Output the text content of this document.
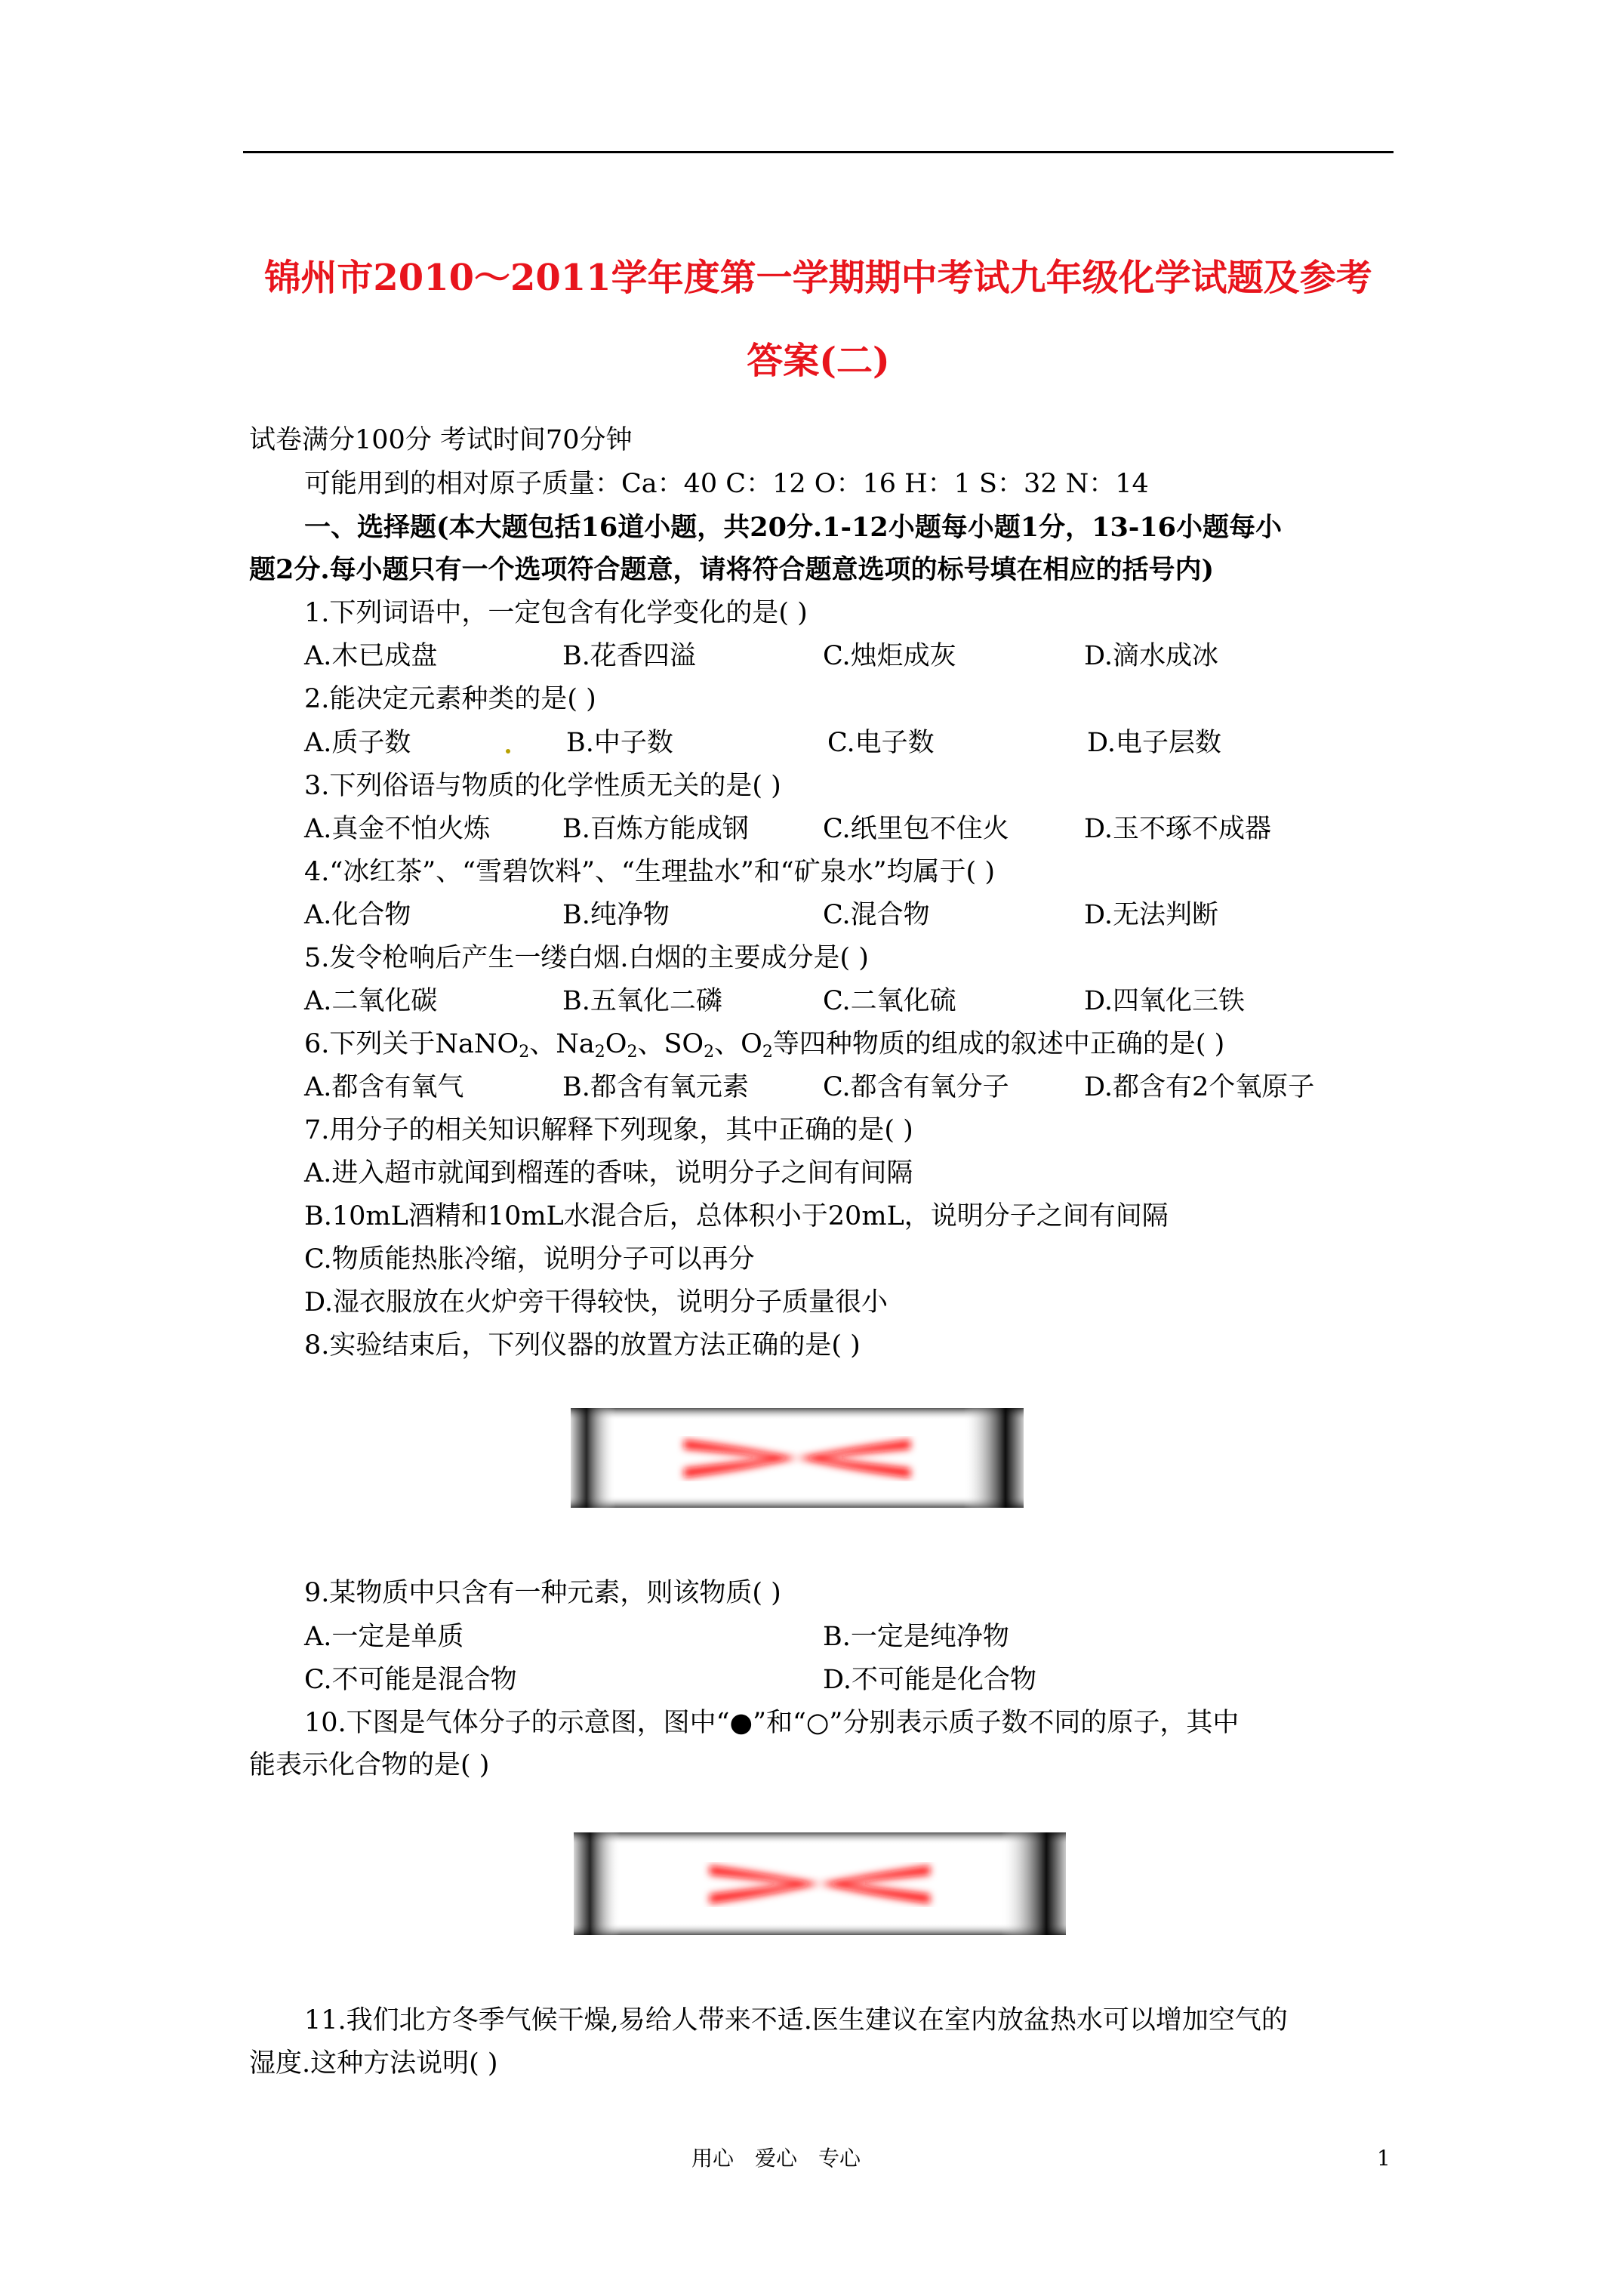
锦州市2010～2011学年度第一学期期中考试九年级化学试题及参考
答案(二)
试卷满分100分 考试时间70分钟
可能用到的相对原子质量：Ca：40 C：12 O：16 H：1 S：32 N：14
一、选择题(本大题包括16道小题，共20分.1-12小题每小题1分，13-16小题每小
题2分.每小题只有一个选项符合题意，请将符合题意选项的标号填在相应的括号内)
1.下列词语中，一定包含有化学变化的是( )
A.木已成盘	B.花香四溢	C.烛炬成灰	D.滴水成冰
2.能决定元素种类的是( )
A.质子数	B.中子数	C.电子数	D.电子层数
3.下列俗语与物质的化学性质无关的是( )
A.真金不怕火炼	B.百炼方能成钢	C.纸里包不住火	D.玉不琢不成器
4.“冰红茶”、“雪碧饮料”、“生理盐水”和“矿泉水”均属于( )
A.化合物	B.纯净物	C.混合物	D.无法判断
5.发令枪响后产生一缕白烟.白烟的主要成分是( )
A.二氧化碳	B.五氧化二磷	C.二氧化硫	D.四氧化三铁
6.下列关于NaNO$_2$、$Na_2O_2$、$SO_2$、$O_2$等四种物质的组成的叙述中正确的是( )
A.都含有氧气	B.都含有氧元素	C.都含有氧分子	D.都含有2个氧原子
7.用分子的相关知识解释下列现象，其中正确的是( )
A.进入超市就闻到榴莲的香味，说明分子之间有间隔
B.10mL酒精和10mL水混合后，总体积小于20mL，说明分子之间有间隔
C.物质能热胀冷缩，说明分子可以再分
D.湿衣服放在火炉旁干得较快，说明分子质量很小
8.实验结束后，下列仪器的放置方法正确的是( )
9.某物质中只含有一种元素，则该物质( )
A.一定是单质	B.一定是纯净物
C.不可能是混合物	D.不可能是化合物
10.下图是气体分子的示意图，图中“●”和“○”分别表示质子数不同的原子，其中
能表示化合物的是( )
11.我们北方冬季气候干燥,易给人带来不适.医生建议在室内放盆热水可以增加空气的
湿度.这种方法说明( )
用心　爱心　专心	1
